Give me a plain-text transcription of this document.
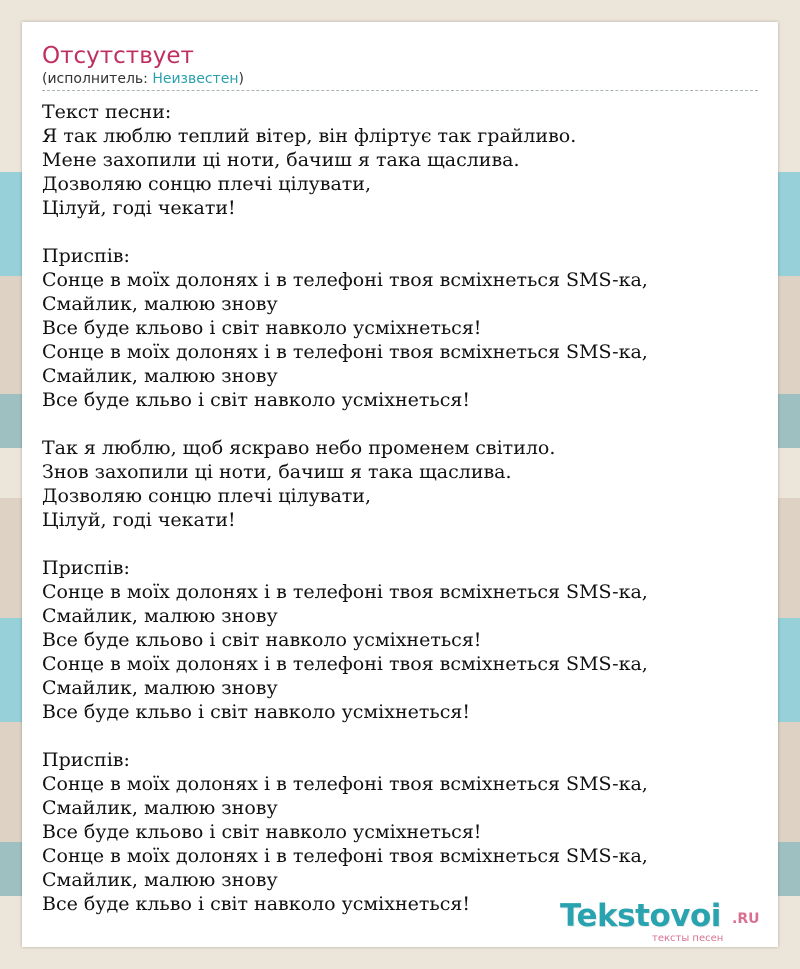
Отсутствует
(исполнитель: Неизвестен)
Текст песни:
Я так люблю теплий вітер, він фліртує так грайливо.
Мене захопили ці ноти, бачиш я така щаслива.
Дозволяю сонцю плечі цілувати,
Цілуй, годі чекати!

Приспів:
Сонце в моїх долонях і в телефоні твоя всміхнеться SMS-ка,
Смайлик, малюю знову
Все буде кльово і світ навколо усміхнеться!
Сонце в моїх долонях і в телефоні твоя всміхнеться SMS-ка,
Смайлик, малюю знову
Все буде кльво і світ навколо усміхнеться!

Так я люблю, щоб яскраво небо променем світило.
Знов захопили ці ноти, бачиш я така щаслива.
Дозволяю сонцю плечі цілувати,
Цілуй, годі чекати!

Приспів:
Сонце в моїх долонях і в телефоні твоя всміхнеться SMS-ка,
Смайлик, малюю знову
Все буде кльово і світ навколо усміхнеться!
Сонце в моїх долонях і в телефоні твоя всміхнеться SMS-ка,
Смайлик, малюю знову
Все буде кльво і світ навколо усміхнеться!

Приспів:
Сонце в моїх долонях і в телефоні твоя всміхнеться SMS-ка,
Смайлик, малюю знову
Все буде кльово і світ навколо усміхнеться!
Сонце в моїх долонях і в телефоні твоя всміхнеться SMS-ка,
Смайлик, малюю знову
Все буде кльво і світ навколо усміхнеться!	Tekstovoi .RU
тексты песен
